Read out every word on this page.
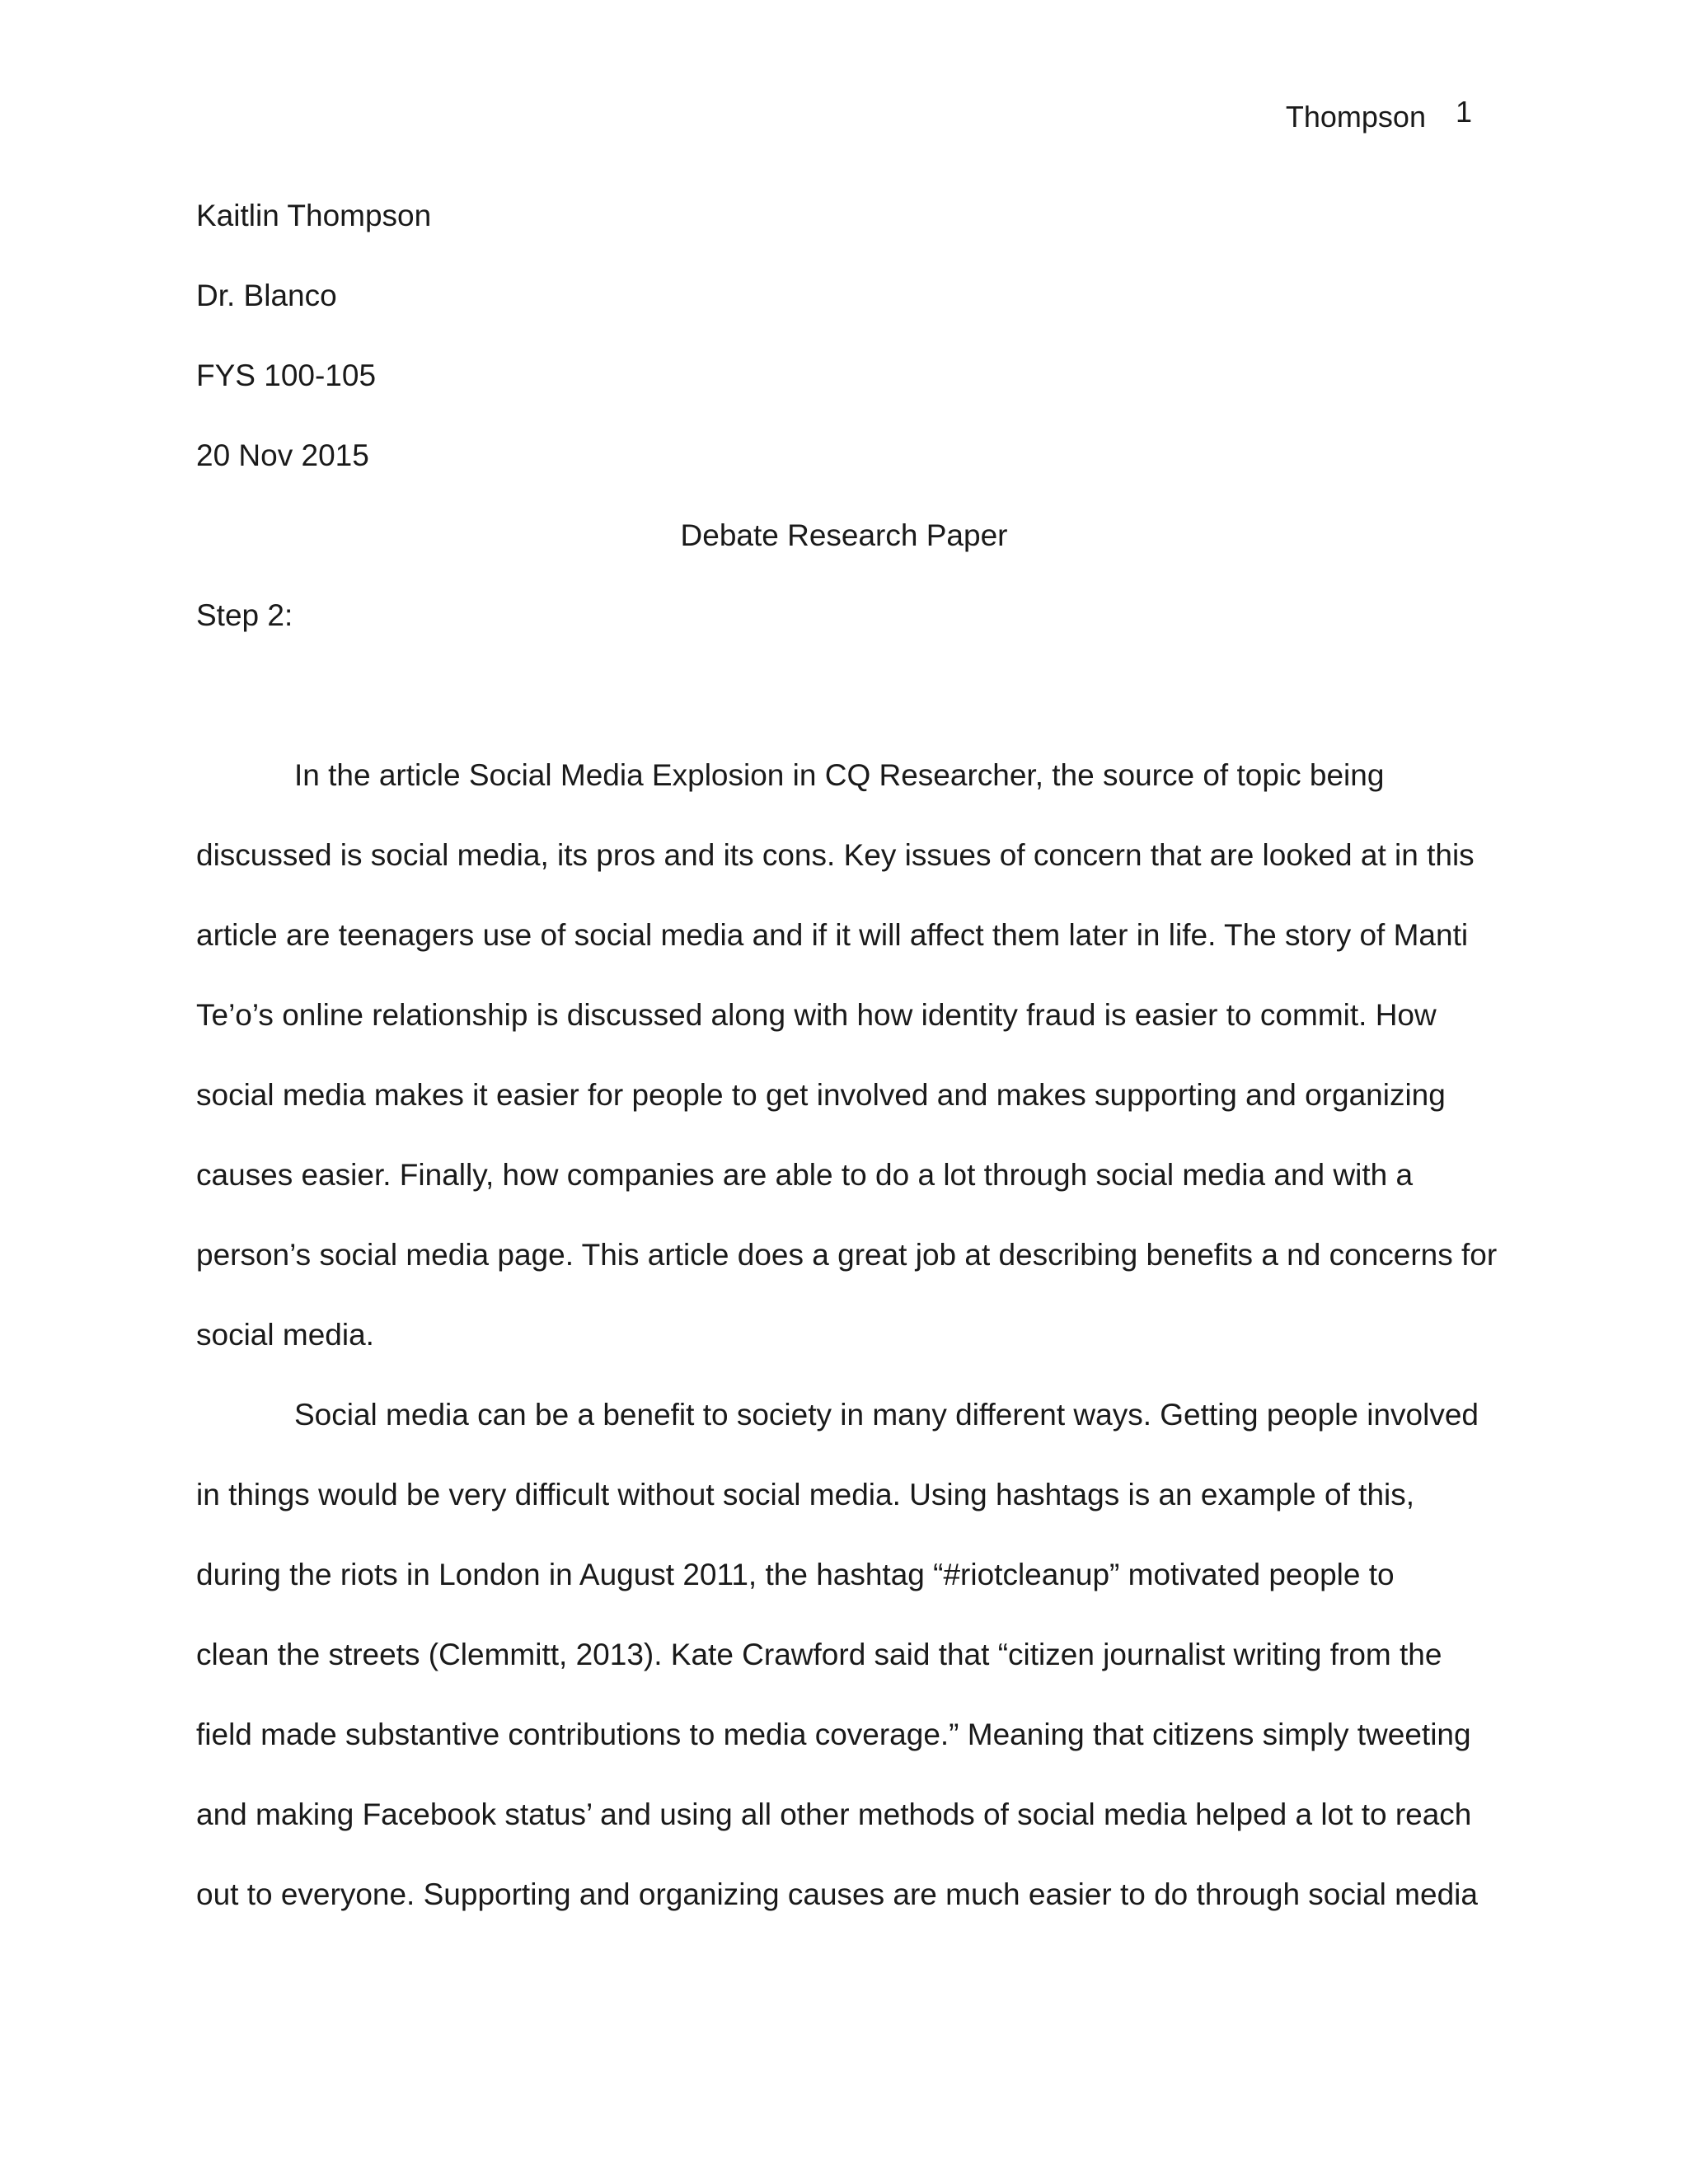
Thompson 1
Kaitlin Thompson
Dr. Blanco
FYS 100-105
20 Nov 2015
Debate Research Paper
Step 2:
In the article Social Media Explosion in CQ Researcher, the source of topic being
discussed is social media, its pros and its cons. Key issues of concern that are looked at in this
article are teenagers use of social media and if it will affect them later in life. The story of Manti
Te’o’s online relationship is discussed along with how identity fraud is easier to commit. How
social media makes it easier for people to get involved and makes supporting and organizing
causes easier. Finally, how companies are able to do a lot through social media and with a
person’s social media page. This article does a great job at describing benefits a nd concerns for
social media.
Social media can be a benefit to society in many different ways. Getting people involved
in things would be very difficult without social media. Using hashtags is an example of this,
during the riots in London in August 2011, the hashtag “#riotcleanup” motivated people to
clean the streets (Clemmitt, 2013). Kate Crawford said that “citizen journalist writing from the
field made substantive contributions to media coverage.” Meaning that citizens simply tweeting
and making Facebook status’ and using all other methods of social media helped a lot to reach
out to everyone. Supporting and organizing causes are much easier to do through social media
